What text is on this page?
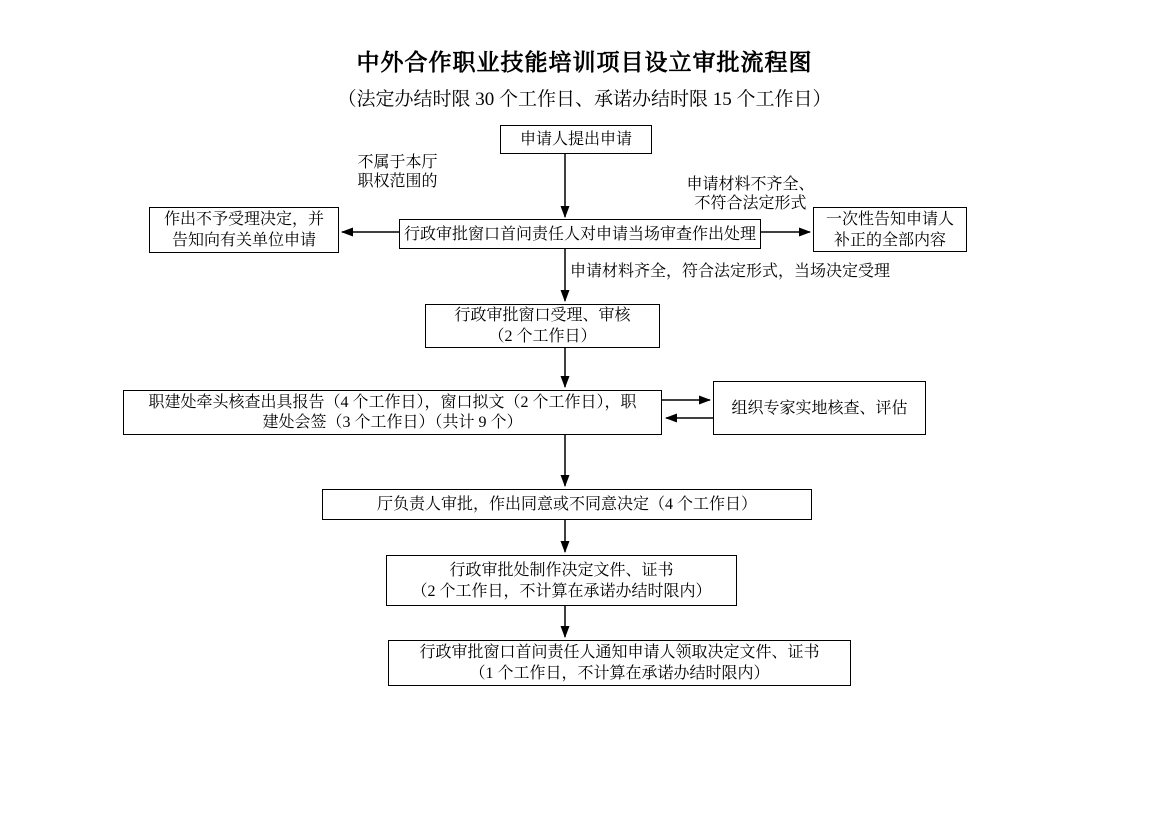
中外合作职业技能培训项目设立审批流程图
（法定办结时限 30 个工作日、承诺办结时限 15 个工作日）
申请人提出申请
不属于本厅
职权范围的	申请材料不齐全、
不符合法定形式
作出不予受理决定，并
告知向有关单位申请	行政审批窗口首问责任人对申请当场审查作出处理
一次性告知申请人
补正的全部内容
申请材料齐全，符合法定形式，当场决定受理
行政审批窗口受理、审核
（2 个工作日）
职建处牵头核查出具报告（4 个工作日），窗口拟文（2 个工作日），职
建处会签（3 个工作日）（共计 9 个）
组织专家实地核查、评估
厅负责人审批，作出同意或不同意决定（4 个工作日）
行政审批处制作决定文件、证书
（2 个工作日，不计算在承诺办结时限内）
行政审批窗口首问责任人通知申请人领取决定文件、证书
（1 个工作日，不计算在承诺办结时限内）
